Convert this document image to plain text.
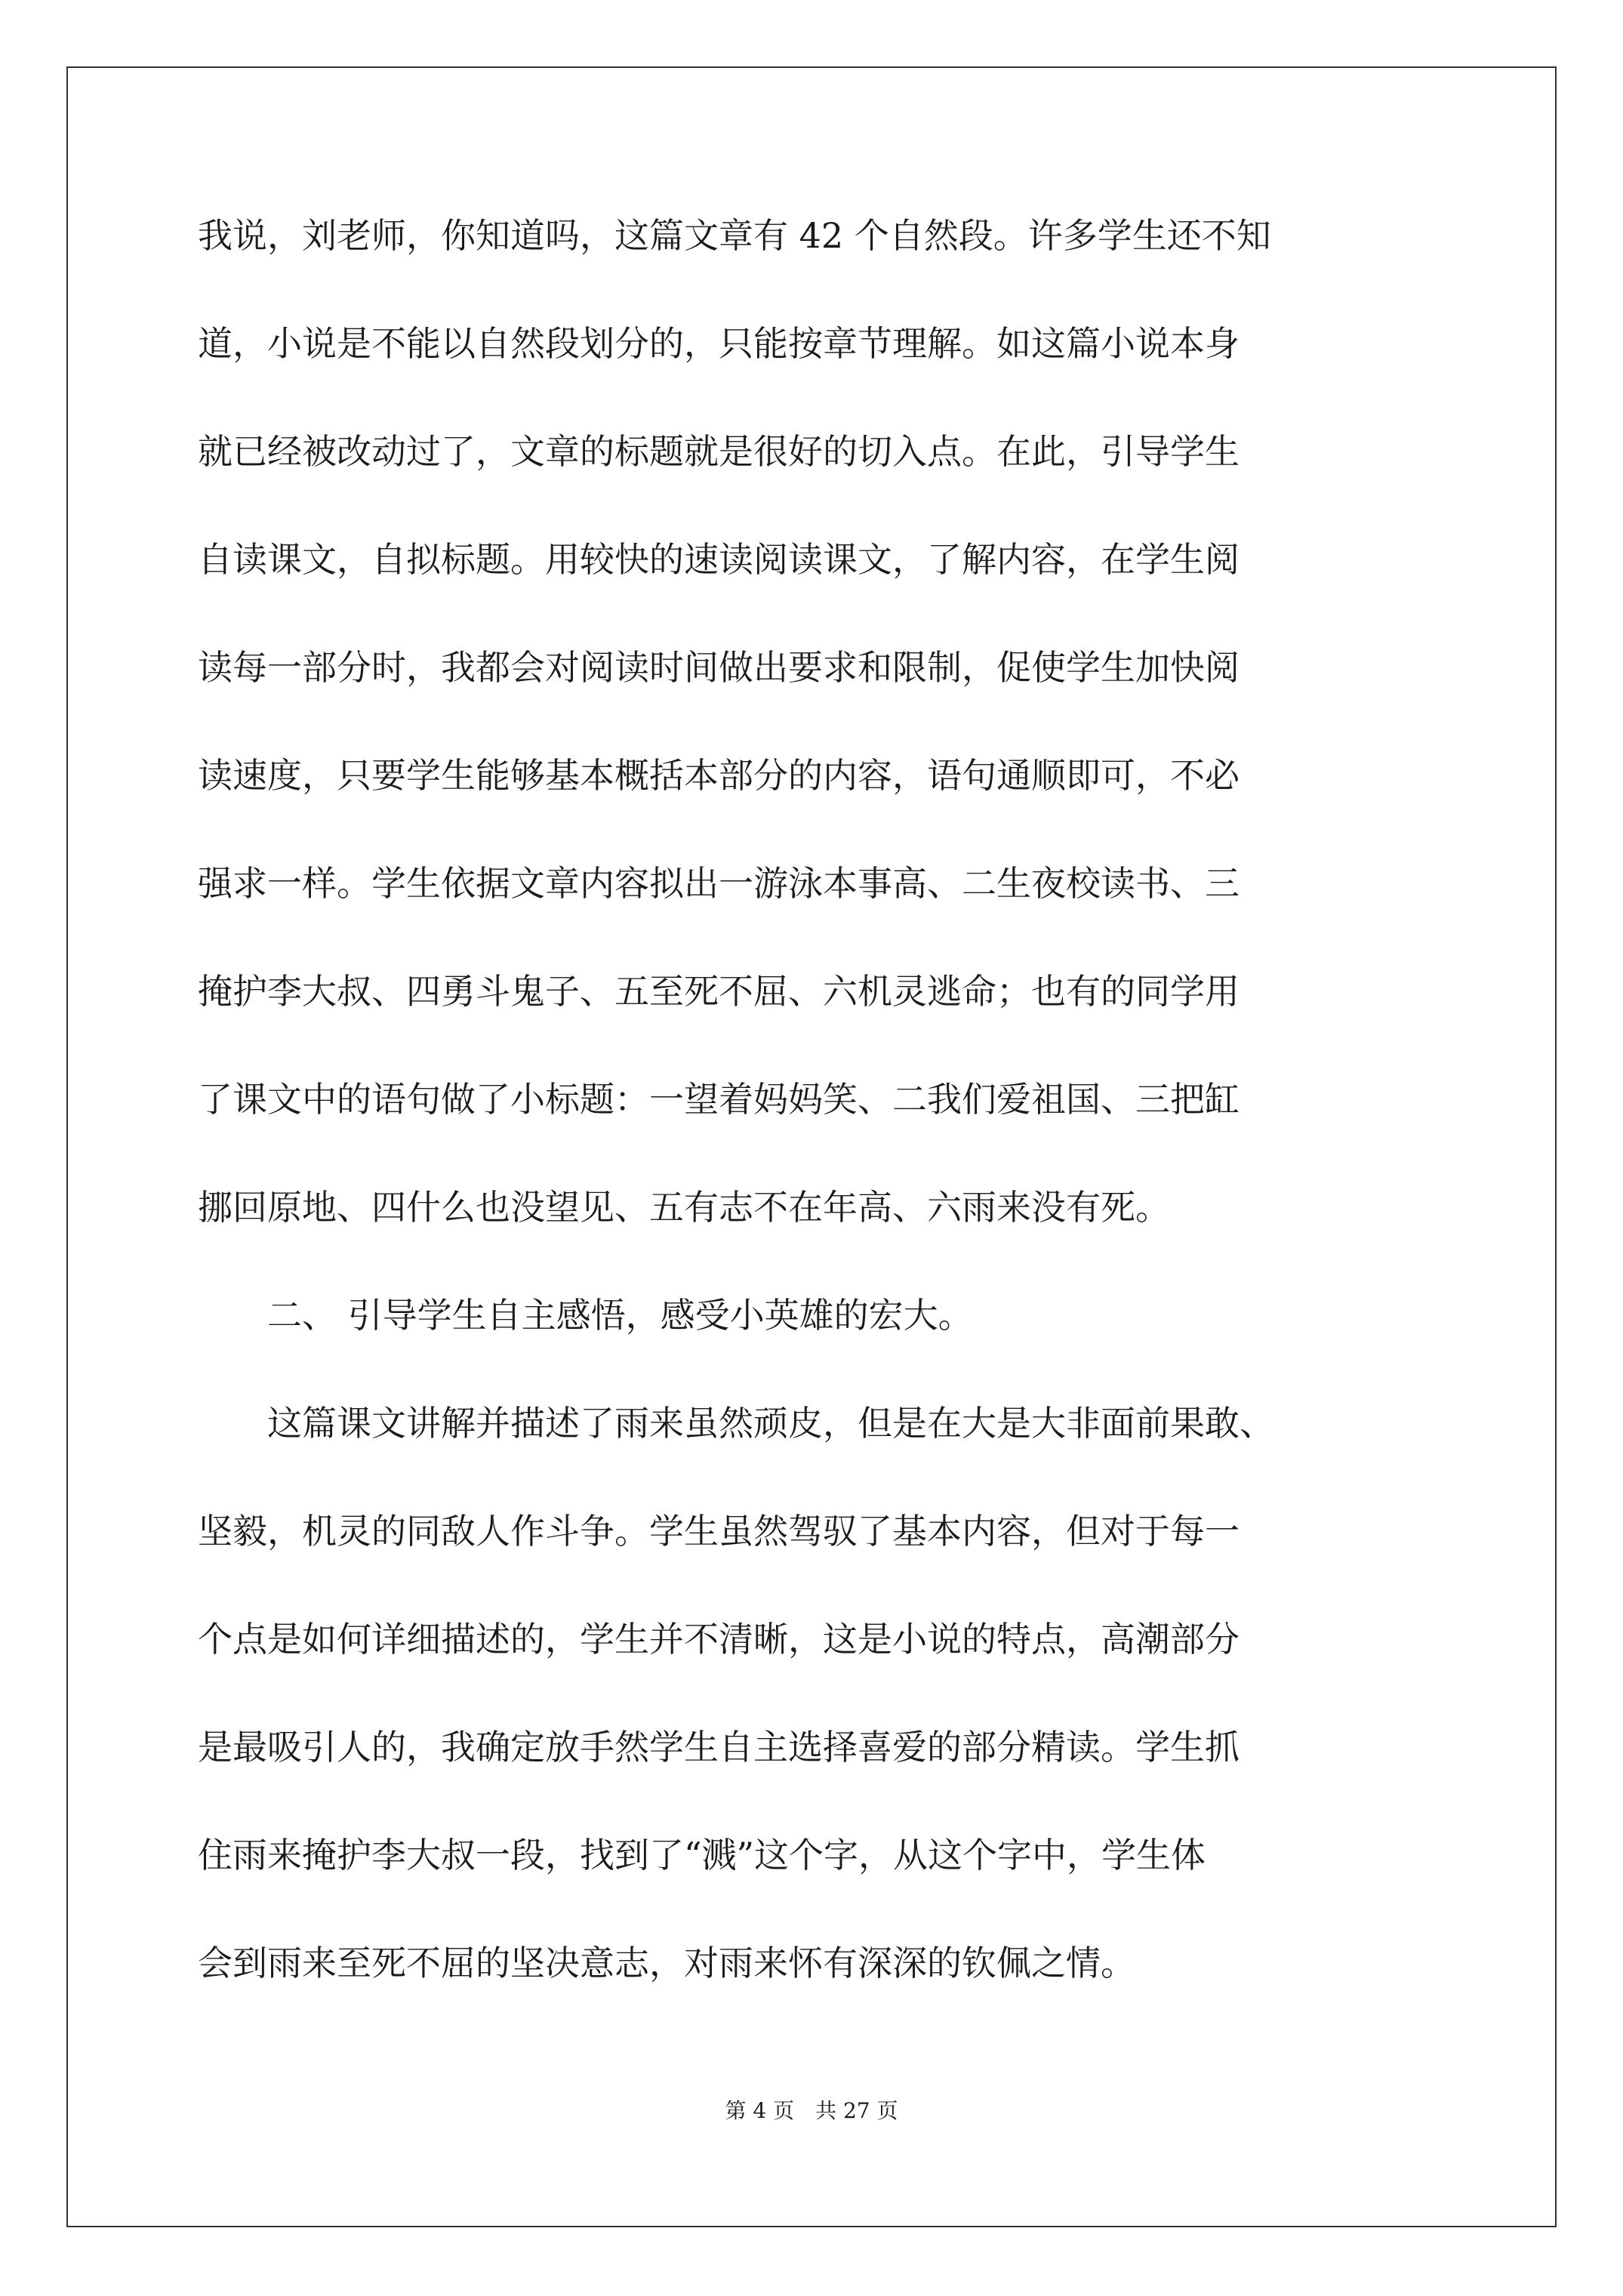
我说，刘老师，你知道吗，这篇文章有 42 个自然段。许多学生还不知
道，小说是不能以自然段划分的，只能按章节理解。如这篇小说本身
就已经被改动过了，文章的标题就是很好的切入点。在此，引导学生
自读课文，自拟标题。用较快的速读阅读课文，了解内容，在学生阅
读每一部分时，我都会对阅读时间做出要求和限制，促使学生加快阅
读速度，只要学生能够基本概括本部分的内容，语句通顺即可，不必
强求一样。学生依据文章内容拟出一游泳本事高、二生夜校读书、三
掩护李大叔、四勇斗鬼子、五至死不屈、六机灵逃命；也有的同学用
了课文中的语句做了小标题：一望着妈妈笑、二我们爱祖国、三把缸
挪回原地、四什么也没望见、五有志不在年高、六雨来没有死。
二、 引导学生自主感悟，感受小英雄的宏大。
这篇课文讲解并描述了雨来虽然顽皮，但是在大是大非面前果敢、
坚毅，机灵的同敌人作斗争。学生虽然驾驭了基本内容，但对于每一
个点是如何详细描述的，学生并不清晰，这是小说的特点，高潮部分
是最吸引人的，我确定放手然学生自主选择喜爱的部分精读。学生抓
住雨来掩护李大叔一段，找到了“溅”这个字，从这个字中，学生体
会到雨来至死不屈的坚决意志，对雨来怀有深深的钦佩之情。
第 4 页　共 27 页
